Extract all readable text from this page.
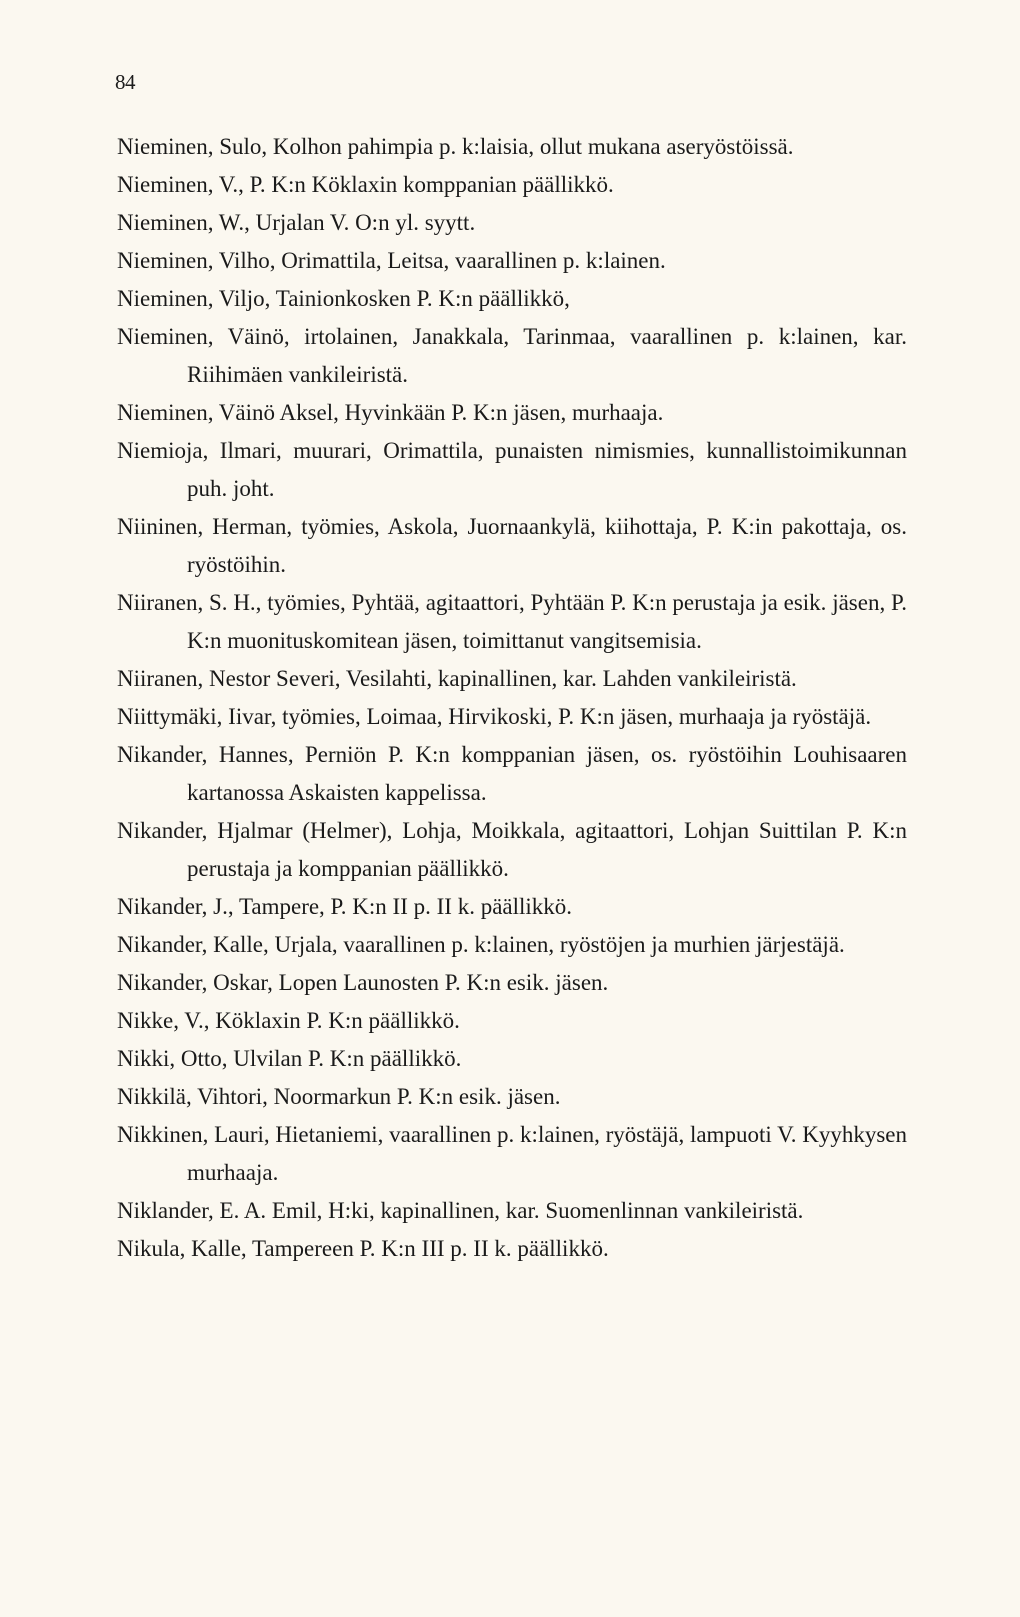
84

Nieminen, Sulo, Kolhon pahimpia p. k:laisia, ollut mukana aseryöstöissä.

Nieminen, V., P. K:n Köklaxin komppanian päällikkö.

Nieminen, W., Urjalan V. O:n yl. syytt.

Nieminen, Vilho, Orimattila, Leitsa, vaarallinen p. k:lainen.

Nieminen, Viljo, Tainionkosken P. K:n päällikkö,

Nieminen, Väinö, irtolainen, Janakkala, Tarinmaa, vaarallinen p. k:lainen, kar. Riihimäen vankileiristä.

Nieminen, Väinö Aksel, Hyvinkään P. K:n jäsen, murhaaja.

Niemioja, Ilmari, muurari, Orimattila, punaisten nimismies, kunnallistoimikunnan puh. joht.

Niininen, Herman, työmies, Askola, Juornaankylä, kiihottaja, P. K:in pakottaja, os. ryöstöihin.

Niiranen, S. H., työmies, Pyhtää, agitaattori, Pyhtään P. K:n perustaja ja esik. jäsen, P. K:n muonituskomitean jäsen, toimittanut vangitsemisia.

Niiranen, Nestor Severi, Vesilahti, kapinallinen, kar. Lahden vankileiristä.

Niittymäki, Iivar, työmies, Loimaa, Hirvikoski, P. K:n jäsen, murhaaja ja ryöstäjä.

Nikander, Hannes, Perniön P. K:n komppanian jäsen, os. ryöstöihin Louhisaaren kartanossa Askaisten kappelissa.

Nikander, Hjalmar (Helmer), Lohja, Moikkala, agitaattori, Lohjan Suittilan P. K:n perustaja ja komppanian päällikkö.

Nikander, J., Tampere, P. K:n II p. II k. päällikkö.

Nikander, Kalle, Urjala, vaarallinen p. k:lainen, ryöstöjen ja murhien järjestäjä.

Nikander, Oskar, Lopen Launosten P. K:n esik. jäsen.

Nikke, V., Köklaxin P. K:n päällikkö.

Nikki, Otto, Ulvilan P. K:n päällikkö.

Nikkilä, Vihtori, Noormarkun P. K:n esik. jäsen.

Nikkinen, Lauri, Hietaniemi, vaarallinen p. k:lainen, ryöstäjä, lampuoti V. Kyyhkysen murhaaja.

Niklander, E. A. Emil, H:ki, kapinallinen, kar. Suomenlinnan vankileiristä.

Nikula, Kalle, Tampereen P. K:n III p. II k. päällikkö.
